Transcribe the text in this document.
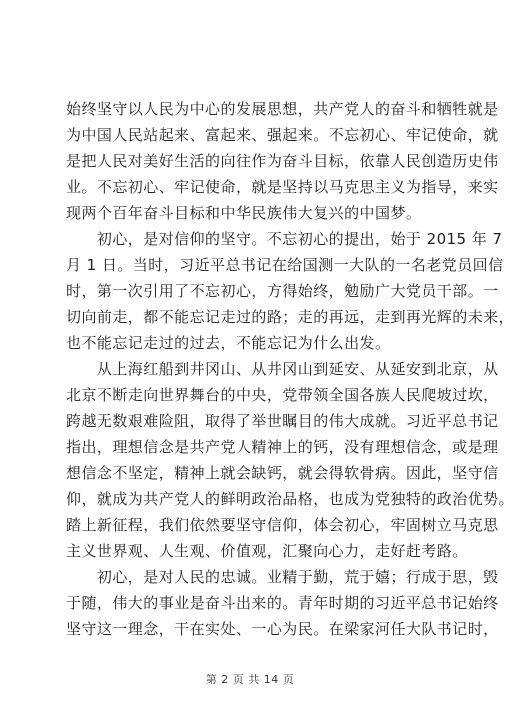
始终坚守以人民为中心的发展思想，共产党人的奋斗和牺牲就是
为中国人民站起来、富起来、强起来。不忘初心、牢记使命，就
是把人民对美好生活的向往作为奋斗目标，依靠人民创造历史伟
业。不忘初心、牢记使命，就是坚持以马克思主义为指导，来实
现两个百年奋斗目标和中华民族伟大复兴的中国梦。
　　初心，是对信仰的坚守。不忘初心的提出，始于 2015 年 7
月 1 日。当时，习近平总书记在给国测一大队的一名老党员回信
时，第一次引用了不忘初心，方得始终，勉励广大党员干部。一
切向前走，都不能忘记走过的路；走的再远，走到再光辉的未来，
也不能忘记走过的过去，不能忘记为什么出发。
　　从上海红船到井冈山、从井冈山到延安、从延安到北京，从
北京不断走向世界舞台的中央，党带领全国各族人民爬坡过坎，
跨越无数艰难险阻，取得了举世瞩目的伟大成就。习近平总书记
指出，理想信念是共产党人精神上的钙，没有理想信念，或是理
想信念不坚定，精神上就会缺钙，就会得软骨病。因此，坚守信
仰，就成为共产党人的鲜明政治品格，也成为党独特的政治优势。
踏上新征程，我们依然要坚守信仰，体会初心，牢固树立马克思
主义世界观、人生观、价值观，汇聚向心力，走好赶考路。
　　初心，是对人民的忠诚。业精于勤，荒于嬉；行成于思，毁
于随，伟大的事业是奋斗出来的。青年时期的习近平总书记始终
坚守这一理念，干在实处、一心为民。在梁家河任大队书记时，
第 2 页 共 14 页
